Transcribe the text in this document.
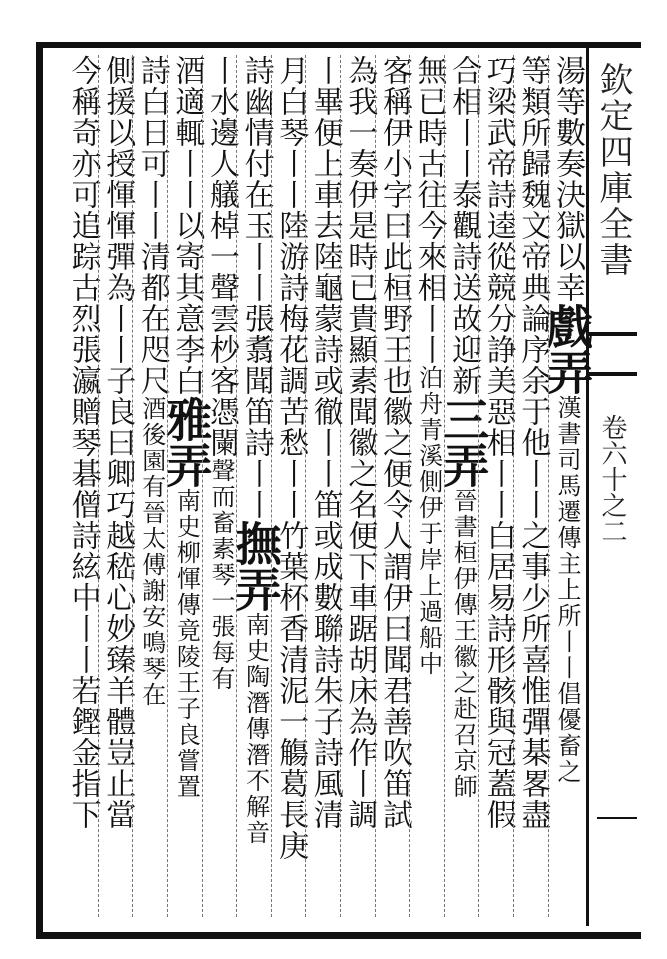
欽定四庫全書
卷六十之二
湯等數奏決獄以幸戲弄漢書司馬遷傳主上所丨丨倡優畜之
等類所歸魏文帝典論序余于他丨丨之事少所喜惟彈棊畧盡
巧梁武帝詩逵從競分諍美惡相丨丨白居易詩形骸與冠蓋假
合相丨丨泰觀詩送故迎新三弄晉書桓伊傳王徽之赴召京師
無已時古往今來相丨丨泊舟青溪側伊于岸上過船中
客稱伊小字曰此桓野王也徽之便令人謂伊曰聞君善吹笛試
為我一奏伊是時已貴顯素聞徽之名便下車踞胡床為作丨調
丨畢便上車去陸龜蒙詩或徹丨丨笛或成數聯詩朱子詩風清
月白琴丨丨陸游詩梅花調苦愁丨丨竹葉杯香清泥一觴葛長庚
詩幽情付在玉丨丨張翥聞笛詩丨丨撫弄南史陶潛傳潛不解音
丨水邊人艤棹一聲雲杪客憑闌聲而畜素琴一張每有
酒適輒丨丨以寄其意李白雅弄南史柳惲傳竟陵王子良嘗置
詩白日可丨丨清都在咫尺酒後園有晉太傅謝安鳴琴在
側援以授惲惲彈為丨丨子良曰卿巧越嵇心妙臻羊體豈止當
今稱奇亦可追踪古烈張瀛贈琴碁僧詩絃中丨丨若鏗金指下
